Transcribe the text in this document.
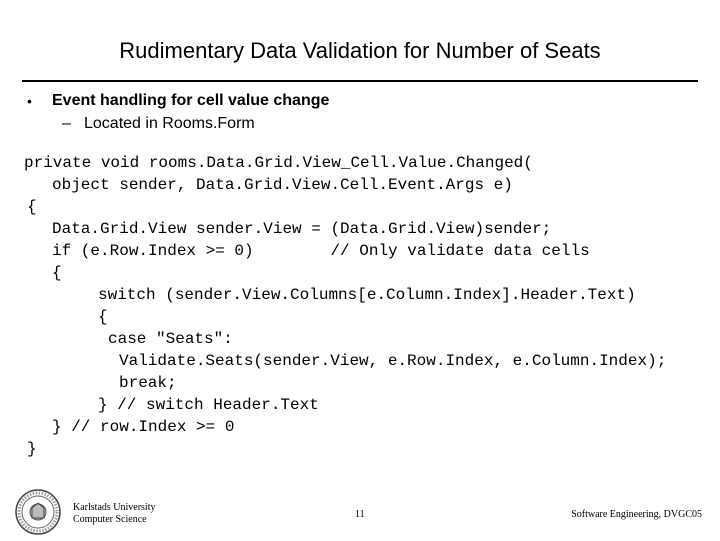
Rudimentary Data Validation for Number of Seats
• Event handling for cell value change
– Located in Rooms.Form
private void rooms.Data.Grid.View_Cell.Value.Changed(
object sender, Data.Grid.View.Cell.Event.Args e)
{
Data.Grid.View sender.View = (Data.Grid.View)sender;
if (e.Row.Index >= 0)        // Only validate data cells
{
switch (sender.View.Columns[e.Column.Index].Header.Text)
{
case "Seats":
Validate.Seats(sender.View, e.Row.Index, e.Column.Index);
break;
} // switch Header.Text
} // row.Index >= 0
}
Karlstads University
Computer Science	11	Software Engineering, DVGC05
